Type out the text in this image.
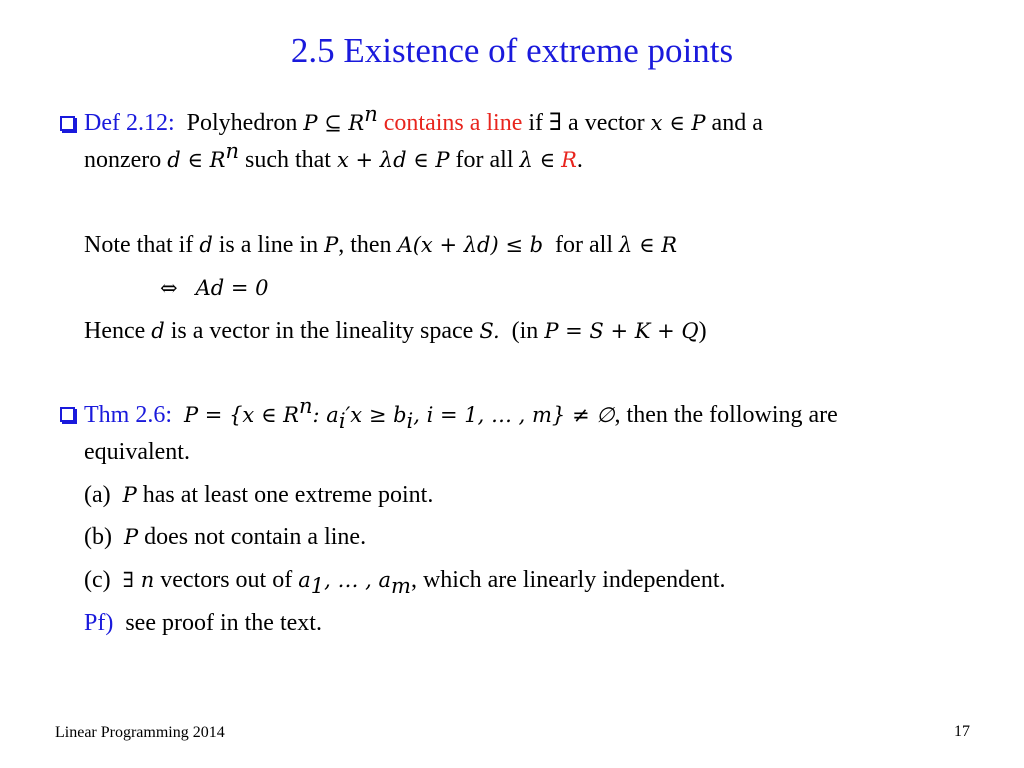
2.5 Existence of extreme points
Def 2.12: Polyhedron P ⊆ $R^n$ contains a line if ∃ a vector x ∈ P and a
nonzero d ∈ $R^n$ such that x + λd ∈ P for all λ ∈ R.
Note that if d is a line in P, then A(x + λd) ≤ b for all λ ∈ R
⇔ Ad = 0
Hence d is a vector in the lineality space S. (in P = S + K + Q)
Thm 2.6: P = {x ∈ $R^n$: $a_i'x \ge b_i$, i = 1, … , m} ≠ ∅, then the following are
equivalent.
(a) P has at least one extreme point.
(b) P does not contain a line.
(c) ∃ n vectors out of $a_1$, … , $a_m$, which are linearly independent.
Pf) see proof in the text.
Linear Programming 2014	17
